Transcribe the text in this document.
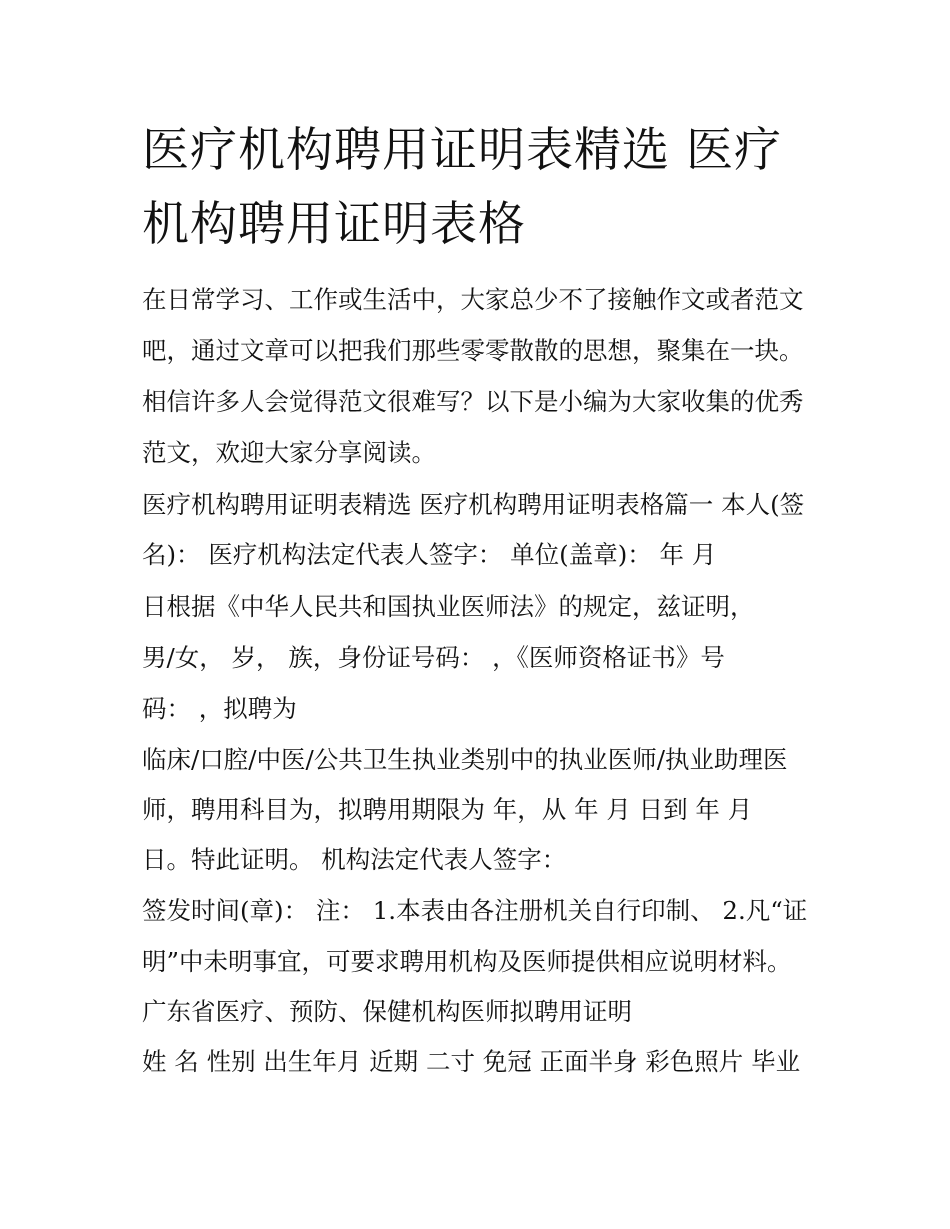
医疗机构聘用证明表精选 医疗机构聘用证明表格
在日常学习、工作或生活中，大家总少不了接触作文或者范文
吧，通过文章可以把我们那些零零散散的思想，聚集在一块。
相信许多人会觉得范文很难写？以下是小编为大家收集的优秀
范文，欢迎大家分享阅读。
医疗机构聘用证明表精选 医疗机构聘用证明表格篇一 本人(签
名)： 医疗机构法定代表人签字： 单位(盖章)： 年 月
日根据《中华人民共和国执业医师法》的规定，兹证明，
男/女， 岁， 族，身份证号码： ，《医师资格证书》号
码： ，拟聘为
临床/口腔/中医/公共卫生执业类别中的执业医师/执业助理医
师，聘用科目为，拟聘用期限为 年，从 年 月 日到 年 月
日。特此证明。 机构法定代表人签字：
签发时间(章)： 注： 1.本表由各注册机关自行印制、 2.凡“证
明”中未明事宜，可要求聘用机构及医师提供相应说明材料。
广东省医疗、预防、保健机构医师拟聘用证明
姓 名 性别 出生年月 近期 二寸 免冠 正面半身 彩色照片 毕业
